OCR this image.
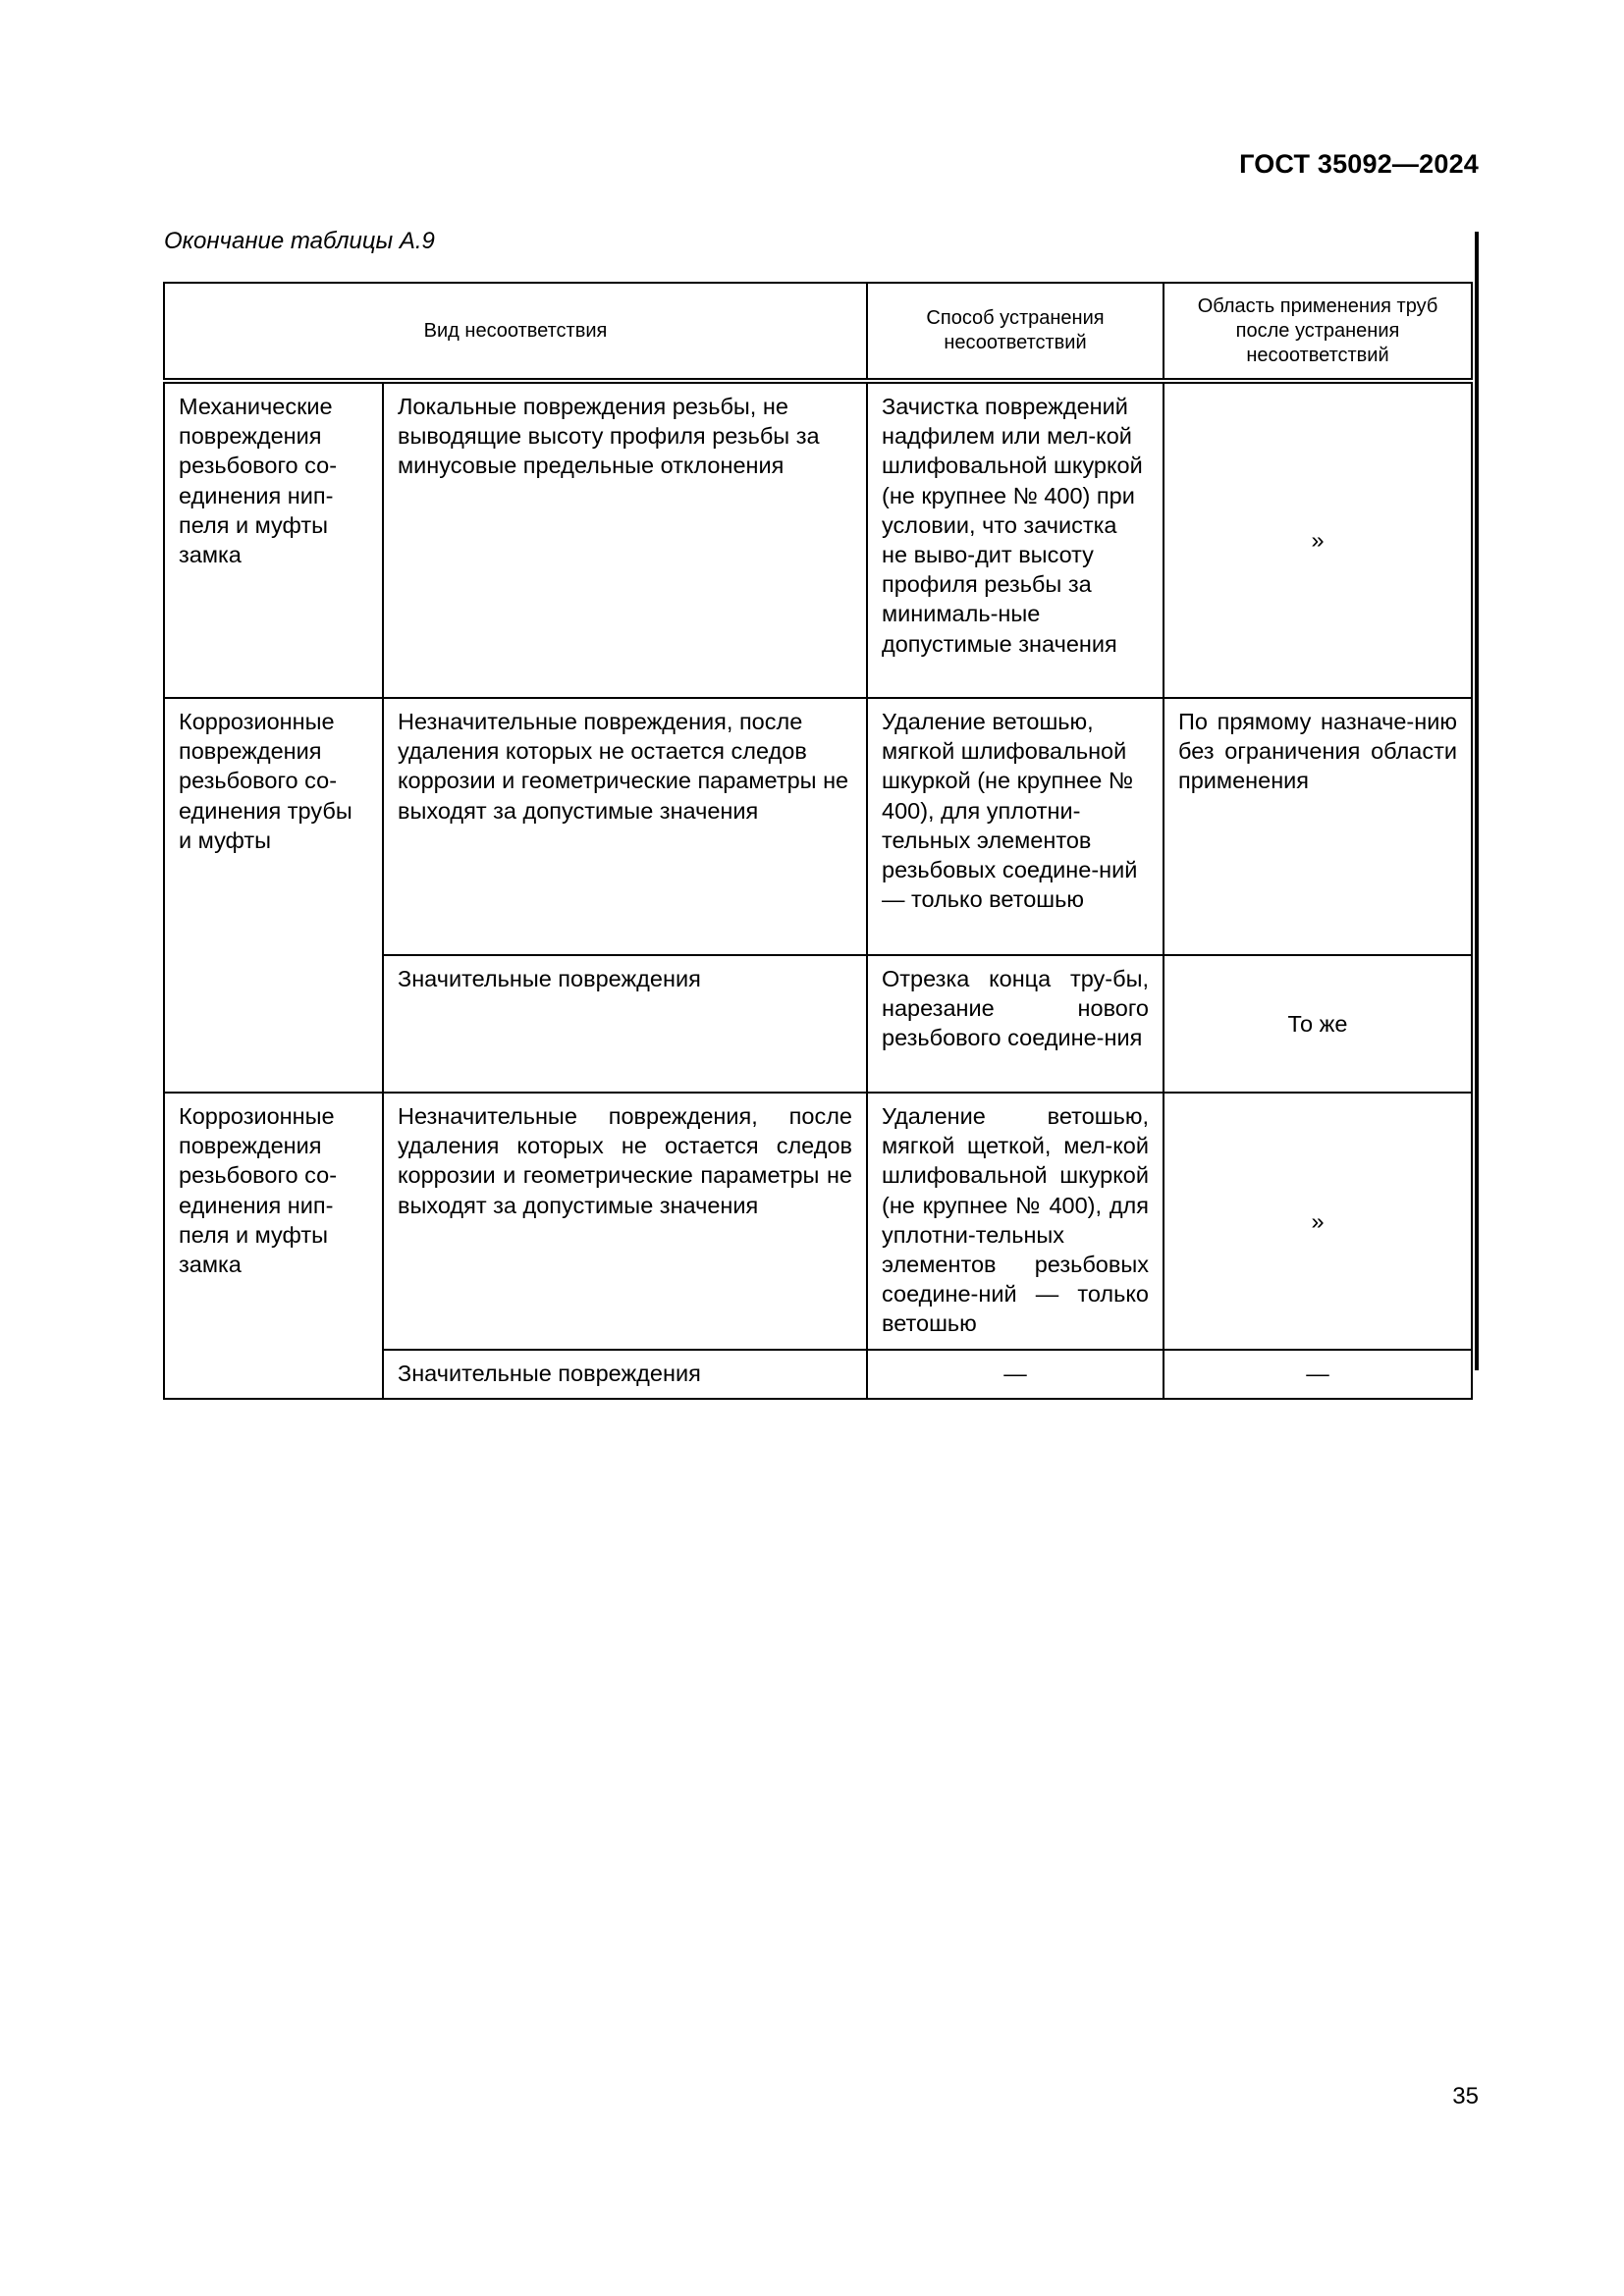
ГОСТ 35092—2024
Окончание таблицы А.9
Вид несоответствия		Способ устранения несоответствий	Область применения труб после устранения несоответствий
Механические повреждения резьбового со-единения нип-пеля и муфты замка	Локальные повреждения резьбы, не выводящие высоту профиля резьбы за минусовые предельные отклонения	Зачистка повреждений надфилем или мел-кой шлифовальной шкуркой (не крупнее № 400) при условии, что зачистка не выво-дит высоту профиля резьбы за минималь-ные допустимые значения	»
Коррозионные повреждения резьбового со-единения трубы и муфты	Незначительные повреждения, после удаления которых не остается следов коррозии и геометрические параметры не выходят за допустимые значения	Удаление ветошью, мягкой шлифовальной шкуркой (не крупнее № 400), для уплотни-тельных элементов резьбовых соедине-ний — только ветошью	По прямому назначе-нию без ограничения области применения
	Значительные повреждения	Отрезка конца тру-бы, нарезание нового резьбового соедине-ния	То же
Коррозионные повреждения резьбового со-единения нип-пеля и муфты замка	Незначительные повреждения, после удаления которых не остается следов коррозии и геометрические параметры не выходят за допустимые значения	Удаление ветошью, мягкой щеткой, мел-кой шлифовальной шкуркой (не крупнее № 400), для уплотни-тельных элементов резьбовых соедине-ний — только ветошью	»
	Значительные повреждения	—	—
35
